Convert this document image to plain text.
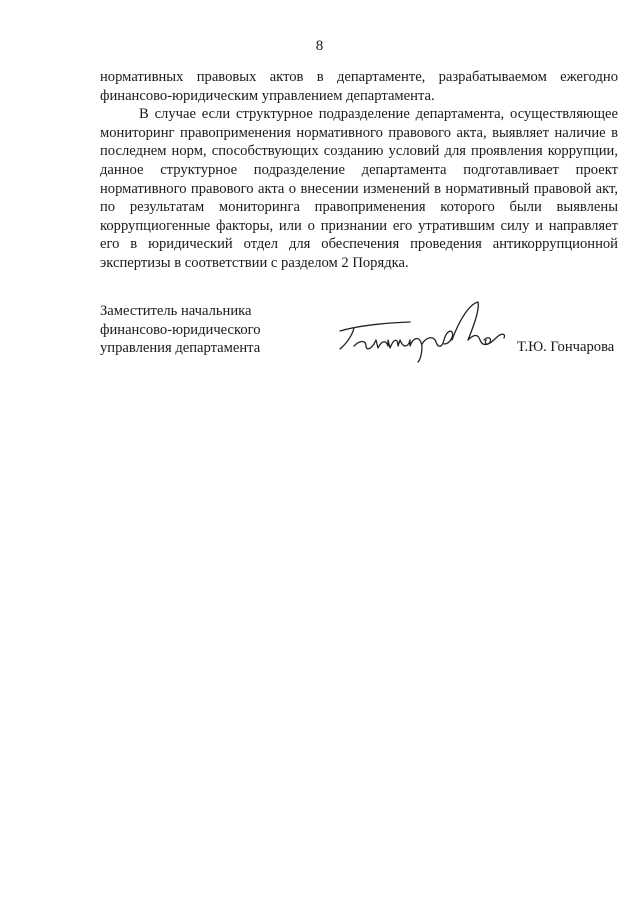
8

нормативных правовых актов в департаменте, разрабатываемом ежегодно финансово-юридическим управлением департамента.

В случае если структурное подразделение департамента, осуществляющее мониторинг правоприменения нормативного правового акта, выявляет наличие в последнем норм, способствующих созданию условий для проявления коррупции, данное структурное подразделение департамента подготавливает проект нормативного правового акта о внесении изменений в нормативный правовой акт, по результатам мониторинга правоприменения которого были выявлены коррупциогенные факторы, или о признании его утратившим силу и направляет его в юридический отдел для обеспечения проведения антикоррупционной экспертизы в соответствии с разделом 2 Порядка.

Заместитель начальника
финансово-юридического
управления департамента	Т.Ю. Гончарова
